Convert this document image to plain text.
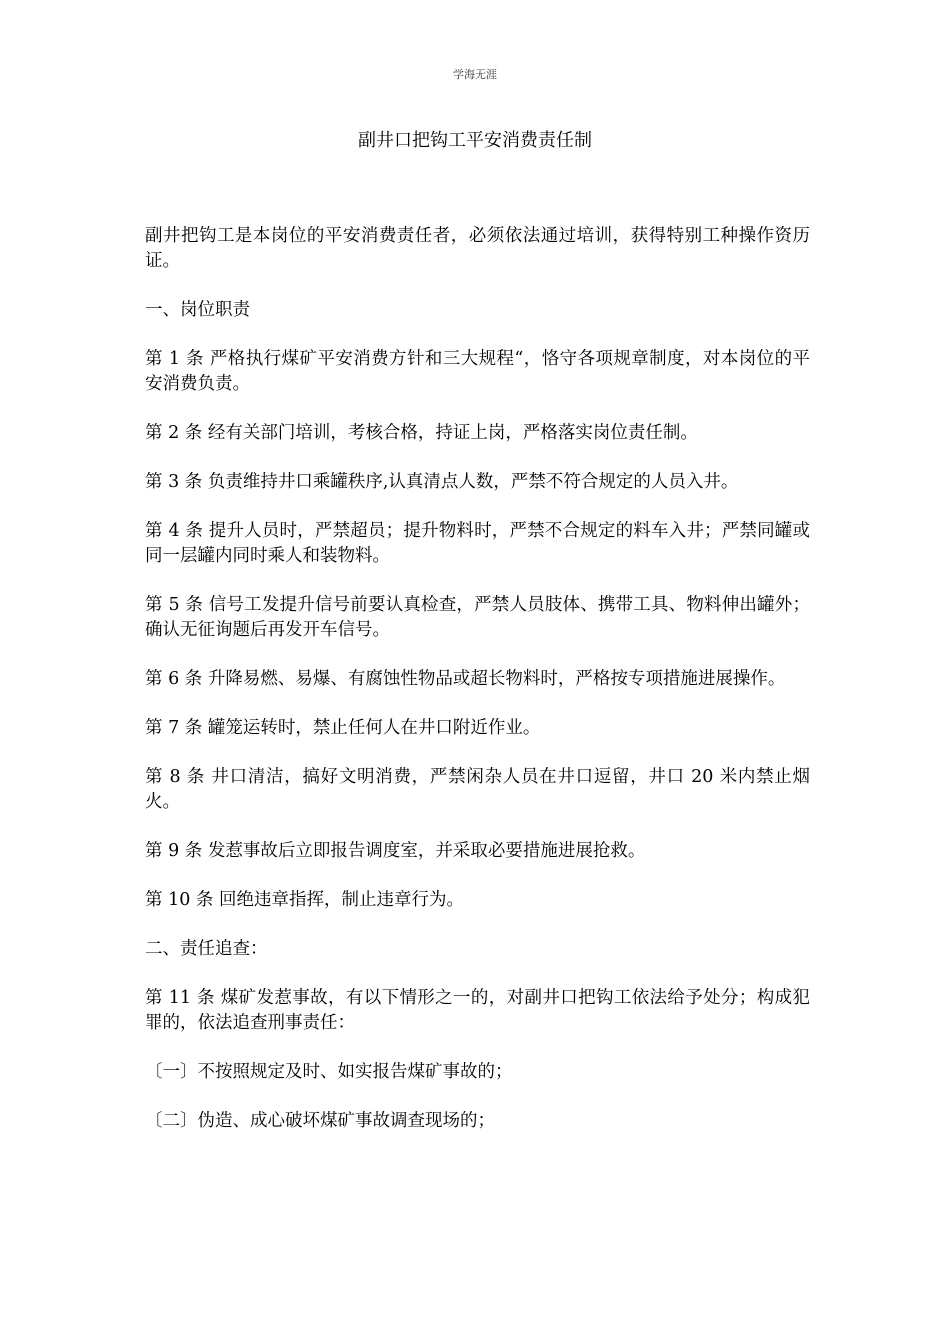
学海无涯
副井口把钩工平安消费责任制

副井把钩工是本岗位的平安消费责任者，必须依法通过培训，获得特别工种操作资历证。

一、岗位职责

第 1 条 严格执行煤矿平安消费方针和三大规程“，恪守各项规章制度，对本岗位的平安消费负责。

第 2 条 经有关部门培训，考核合格，持证上岗，严格落实岗位责任制。

第 3 条 负责维持井口乘罐秩序,认真清点人数，严禁不符合规定的人员入井。

第 4 条 提升人员时，严禁超员；提升物料时，严禁不合规定的料车入井；严禁同罐或同一层罐内同时乘人和装物料。

第 5 条 信号工发提升信号前要认真检查，严禁人员肢体、携带工具、物料伸出罐外；确认无征询题后再发开车信号。

第 6 条 升降易燃、易爆、有腐蚀性物品或超长物料时，严格按专项措施进展操作。

第 7 条 罐笼运转时，禁止任何人在井口附近作业。

第 8 条 井口清洁，搞好文明消费，严禁闲杂人员在井口逗留，井口 20 米内禁止烟火。

第 9 条 发惹事故后立即报告调度室，并采取必要措施进展抢救。

第 10 条 回绝违章指挥，制止违章行为。

二、责任追查：

第 11 条 煤矿发惹事故，有以下情形之一的，对副井口把钩工依法给予处分；构成犯罪的，依法追查刑事责任：

〔一〕不按照规定及时、如实报告煤矿事故的；

〔二〕伪造、成心破坏煤矿事故调查现场的；
